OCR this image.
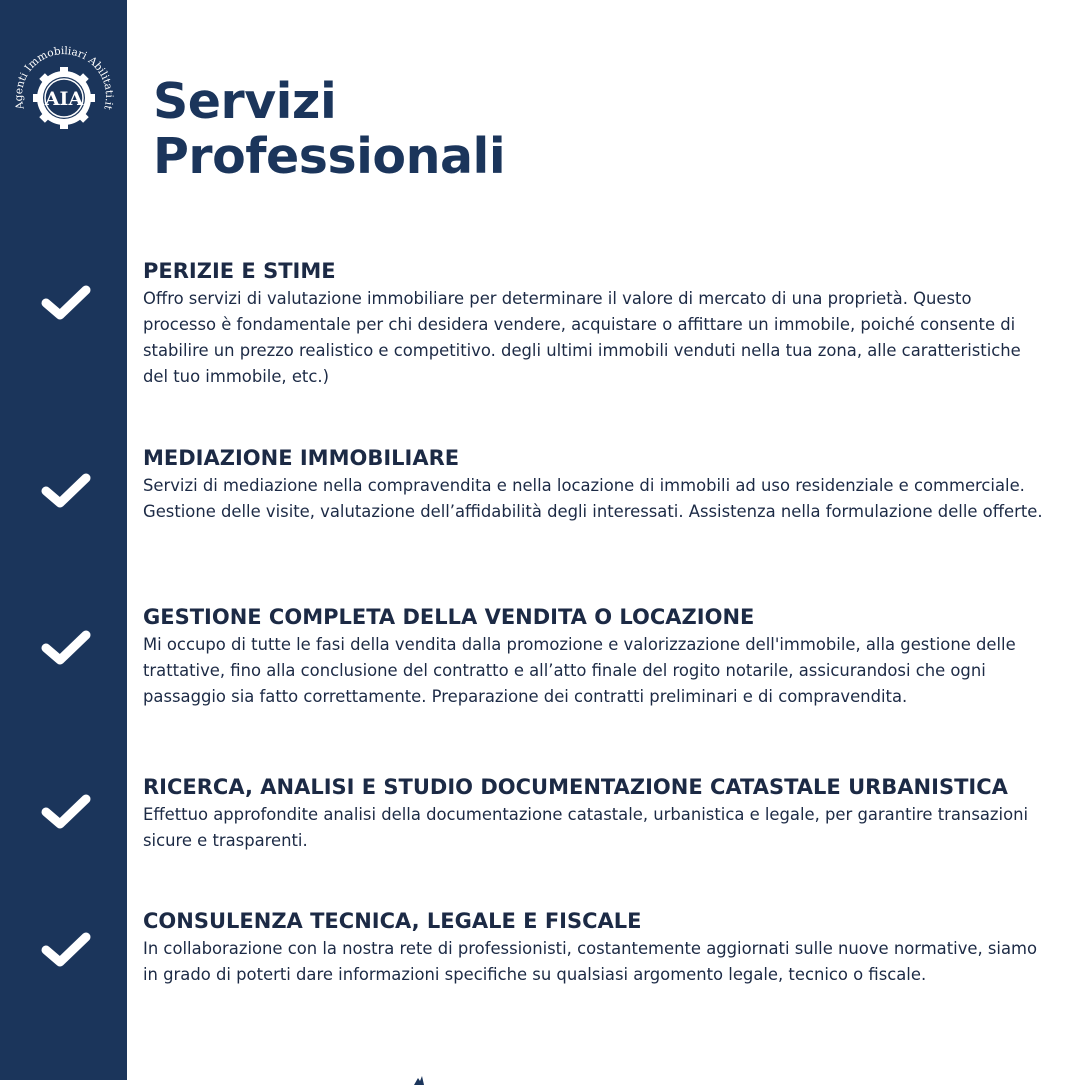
AIA
Agenti Immobiliari Abilitati.it Servizi
Professionali
PERIZIE E STIME

Offro servizi di valutazione immobiliare per determinare il valore di mercato di una proprietà. Questo processo è fondamentale per chi desidera vendere, acquistare o affittare un immobile, poiché consente di stabilire un prezzo realistico e competitivo. degli ultimi immobili venduti nella tua zona, alle caratteristiche del tuo immobile, etc.)

MEDIAZIONE IMMOBILIARE

Servizi di mediazione nella compravendita e nella locazione di immobili ad uso residenziale e commerciale. Gestione delle visite, valutazione dell’affidabilità degli interessati. Assistenza nella formulazione delle offerte.

GESTIONE COMPLETA DELLA VENDITA O LOCAZIONE

Mi occupo di tutte le fasi della vendita dalla promozione e valorizzazione dell'immobile, alla gestione delle trattative, fino alla conclusione del contratto e all’atto finale del rogito notarile, assicurandosi che ogni passaggio sia fatto correttamente. Preparazione dei contratti preliminari e di compravendita.

RICERCA, ANALISI E STUDIO DOCUMENTAZIONE CATASTALE URBANISTICA

Effettuo approfondite analisi della documentazione catastale, urbanistica e legale, per garantire transazioni sicure e trasparenti.

CONSULENZA TECNICA, LEGALE E FISCALE

In collaborazione con la nostra rete di professionisti, costantemente aggiornati sulle nuove normative, siamo in grado di poterti dare informazioni specifiche su qualsiasi argomento legale, tecnico o fiscale.
